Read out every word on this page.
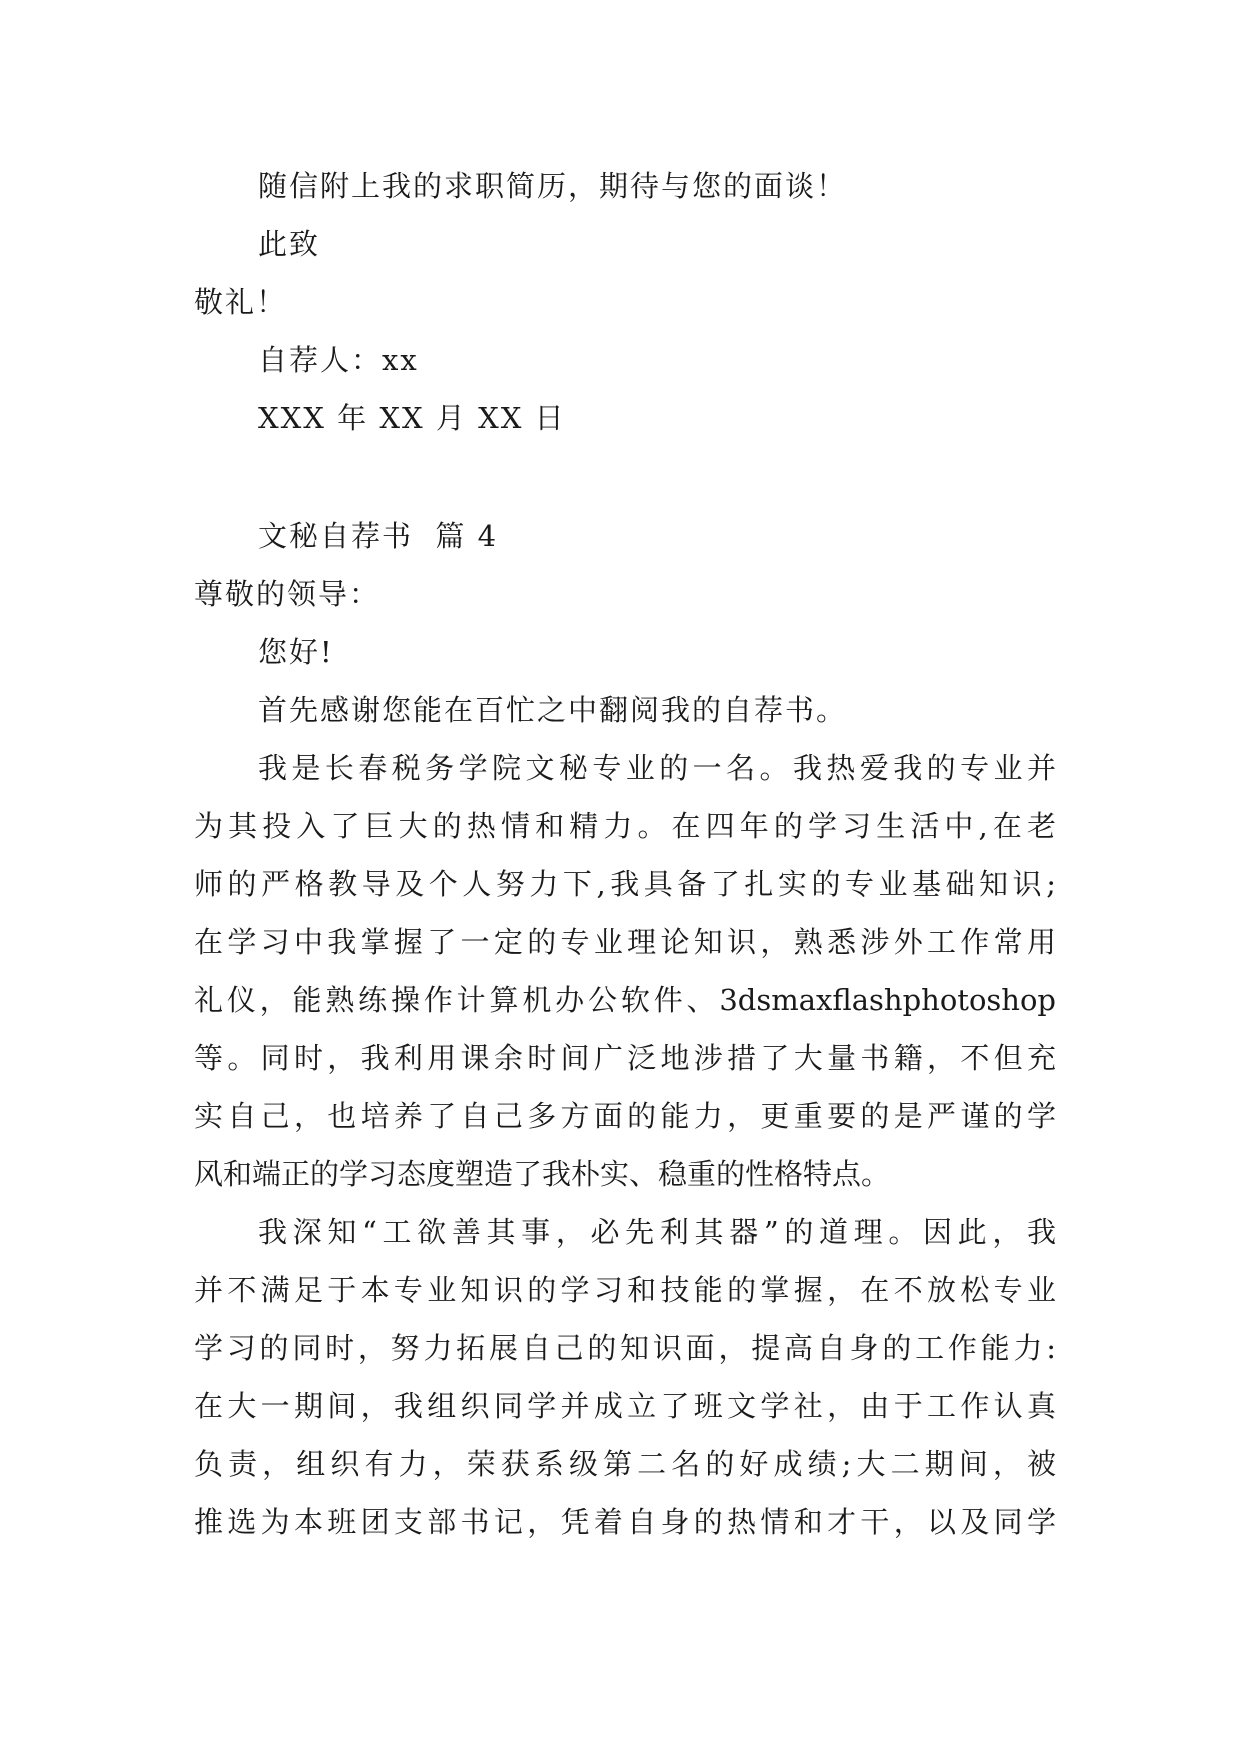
随信附上我的求职简历，期待与您的面谈！
此致
敬礼！
自荐人：xx
XXX 年 XX 月 XX 日
文秘自荐书  篇 4
尊敬的领导：
您好!
首先感谢您能在百忙之中翻阅我的自荐书。
我是长春税务学院文秘专业的一名。我热爱我的专业并
为其投入了巨大的热情和精力。在四年的学习生活中,在老
师的严格教导及个人努力下,我具备了扎实的专业基础知识;
在学习中我掌握了一定的专业理论知识，熟悉涉外工作常用
礼仪，能熟练操作计算机办公软件、3dsmaxflashphotoshop
等。同时，我利用课余时间广泛地涉措了大量书籍，不但充
实自己，也培养了自己多方面的能力，更重要的是严谨的学
风和端正的学习态度塑造了我朴实、稳重的性格特点。
我深知“工欲善其事，必先利其器”的道理。因此，我
并不满足于本专业知识的学习和技能的掌握，在不放松专业
学习的同时，努力拓展自己的知识面，提高自身的工作能力:
在大一期间，我组织同学并成立了班文学社，由于工作认真
负责，组织有力，荣获系级第二名的好成绩;大二期间，被
推选为本班团支部书记，凭着自身的热情和才干，以及同学
